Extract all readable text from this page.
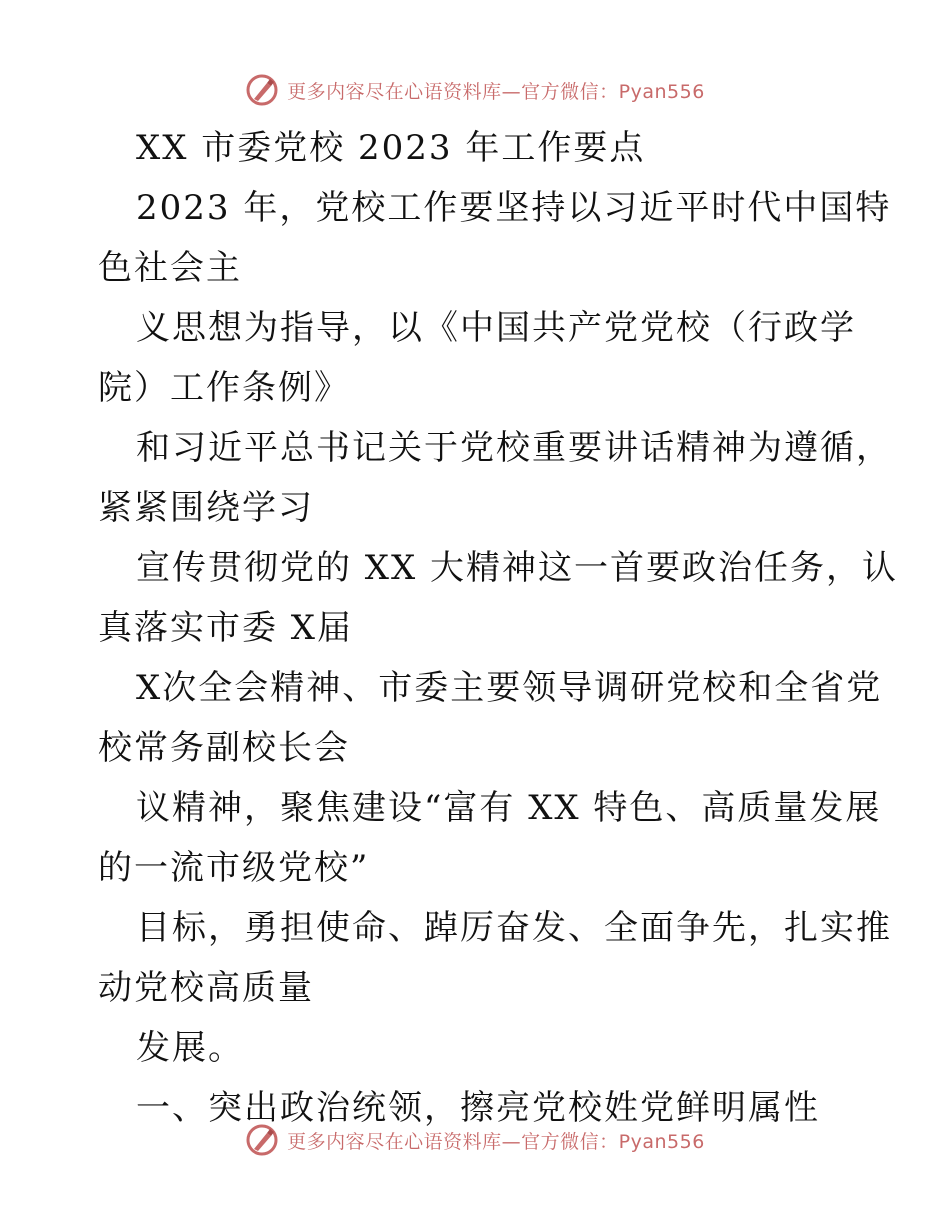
更多内容尽在心语资料库—官方微信：Pyan556
XX 市委党校 2023 年工作要点
2023 年，党校工作要坚持以习近平时代中国特
色社会主
义思想为指导，以《中国共产党党校（行政学
院）工作条例》
和习近平总书记关于党校重要讲话精神为遵循，
紧紧围绕学习
宣传贯彻党的 XX 大精神这一首要政治任务，认
真落实市委 X届
X次全会精神、市委主要领导调研党校和全省党
校常务副校长会
议精神，聚焦建设“富有 XX 特色、高质量发展
的一流市级党校”
目标，勇担使命、踔厉奋发、全面争先，扎实推
动党校高质量
发展。
一、突出政治统领，擦亮党校姓党鲜明属性
更多内容尽在心语资料库—官方微信：Pyan556
